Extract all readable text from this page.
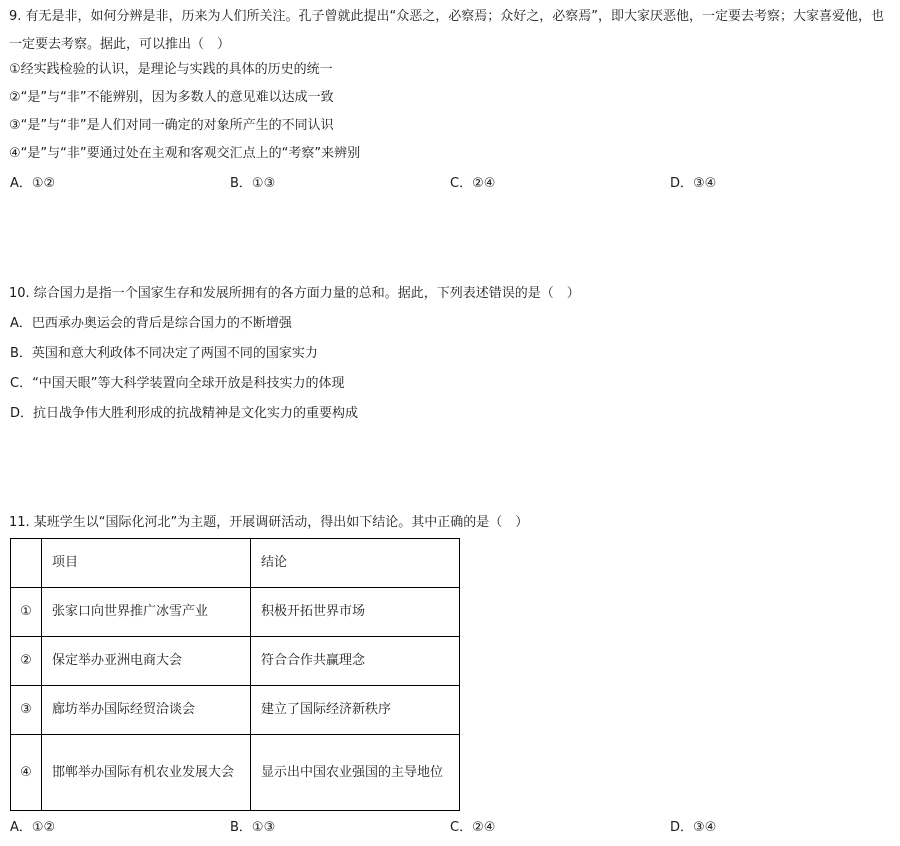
9. 有无是非，如何分辨是非，历来为人们所关注。孔子曾就此提出“众恶之，必察焉；众好之，必察焉”，即大家厌恶他，一定要去考察；大家喜爱他，也一定要去考察。据此，可以推出（　）
①经实践检验的认识，是理论与实践的具体的历史的统一
②“是”与“非”不能辨别，因为多数人的意见难以达成一致
③“是”与“非”是人们对同一确定的对象所产生的不同认识
④“是”与“非”要通过处在主观和客观交汇点上的“考察”来辨别
A．①②	B．①③	C．②④	D．③④
10. 综合国力是指一个国家生存和发展所拥有的各方面力量的总和。据此，下列表述错误的是（　）
A．巴西承办奥运会的背后是综合国力的不断增强
B．英国和意大利政体不同决定了两国不同的国家实力
C．“中国天眼”等大科学装置向全球开放是科技实力的体现
D．抗日战争伟大胜利形成的抗战精神是文化实力的重要构成
11. 某班学生以“国际化河北”为主题，开展调研活动，得出如下结论。其中正确的是（　）
	项目	结论
①	张家口向世界推广冰雪产业	积极开拓世界市场
②	保定举办亚洲电商大会	符合合作共赢理念
③	廊坊举办国际经贸洽谈会	建立了国际经济新秩序
④	邯郸举办国际有机农业发展大会	显示出中国农业强国的主导地位
A．①②	B．①③	C．②④	D．③④
